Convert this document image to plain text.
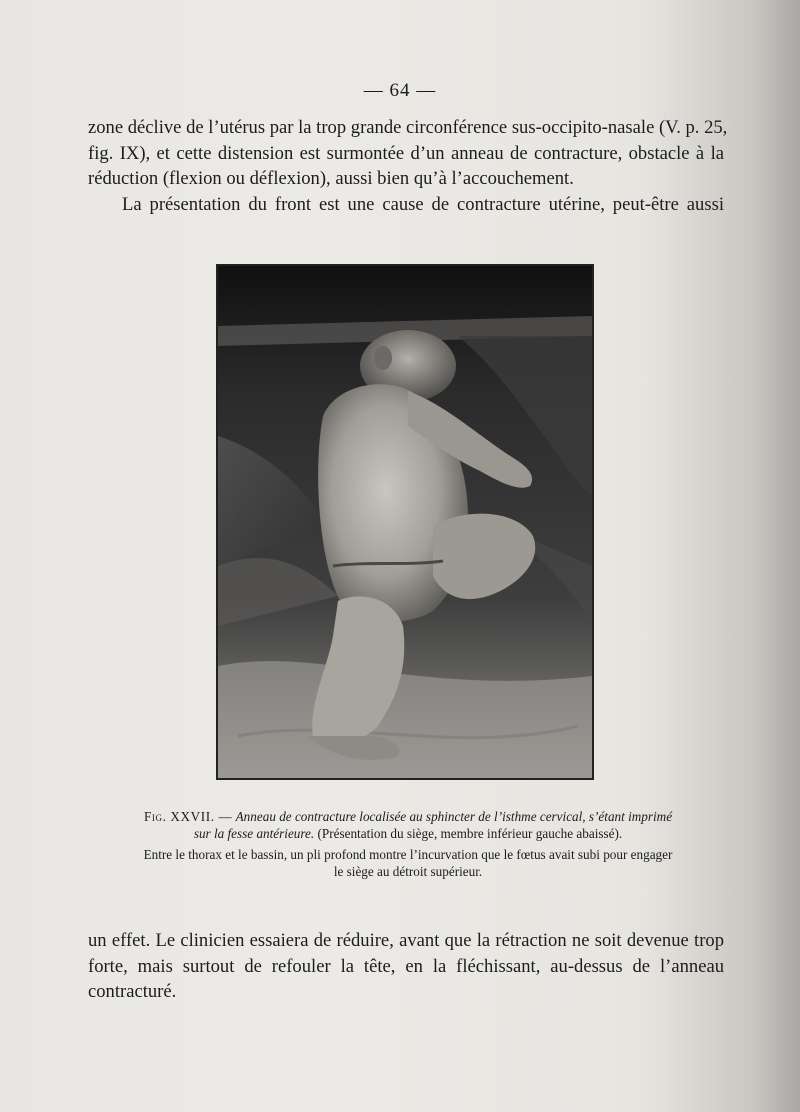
— 64 —

zone déclive de l’utérus par la trop grande circonférence sus-occipito-nasale (V. p. 25,
fig. IX), et cette distension est surmontée d’un anneau de contracture, obstacle à la
réduction (flexion ou déflexion), aussi bien qu’à l’accouchement.

La présentation du front est une cause de contracture utérine, peut-être aussi

Fig. XXVII. — Anneau de contracture localisée au sphincter de l’isthme cervical, s’étant imprimé
sur la fesse antérieure. (Présentation du siège, membre inférieur gauche abaissé).
Entre le thorax et le bassin, un pli profond montre l’incurvation que le fœtus avait subi pour engager
le siège au détroit supérieur.

un effet. Le clinicien essaiera de réduire, avant que la rétraction ne soit devenue trop
forte, mais surtout de refouler la tête, en la fléchissant, au-dessus de l’anneau
contracturé.
